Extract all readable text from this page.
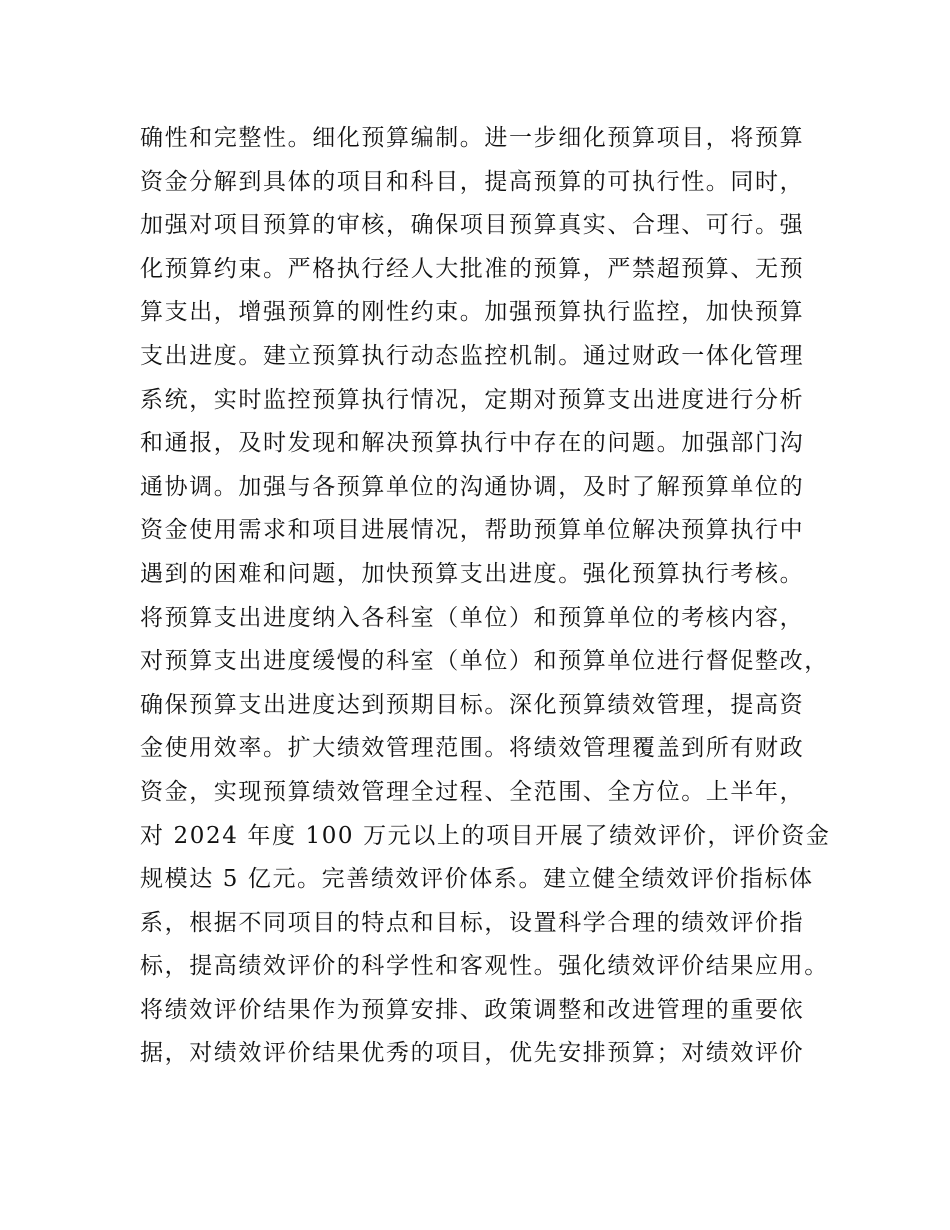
确性和完整性。细化预算编制。进一步细化预算项目，将预算
资金分解到具体的项目和科目，提高预算的可执行性。同时，
加强对项目预算的审核，确保项目预算真实、合理、可行。强
化预算约束。严格执行经人大批准的预算，严禁超预算、无预
算支出，增强预算的刚性约束。加强预算执行监控，加快预算
支出进度。建立预算执行动态监控机制。通过财政一体化管理
系统，实时监控预算执行情况，定期对预算支出进度进行分析
和通报，及时发现和解决预算执行中存在的问题。加强部门沟
通协调。加强与各预算单位的沟通协调，及时了解预算单位的
资金使用需求和项目进展情况，帮助预算单位解决预算执行中
遇到的困难和问题，加快预算支出进度。强化预算执行考核。
将预算支出进度纳入各科室（单位）和预算单位的考核内容，
对预算支出进度缓慢的科室（单位）和预算单位进行督促整改，
确保预算支出进度达到预期目标。深化预算绩效管理，提高资
金使用效率。扩大绩效管理范围。将绩效管理覆盖到所有财政
资金，实现预算绩效管理全过程、全范围、全方位。上半年，
对 2024 年度 100 万元以上的项目开展了绩效评价，评价资金
规模达 5 亿元。完善绩效评价体系。建立健全绩效评价指标体
系，根据不同项目的特点和目标，设置科学合理的绩效评价指
标，提高绩效评价的科学性和客观性。强化绩效评价结果应用。
将绩效评价结果作为预算安排、政策调整和改进管理的重要依
据，对绩效评价结果优秀的项目，优先安排预算；对绩效评价
